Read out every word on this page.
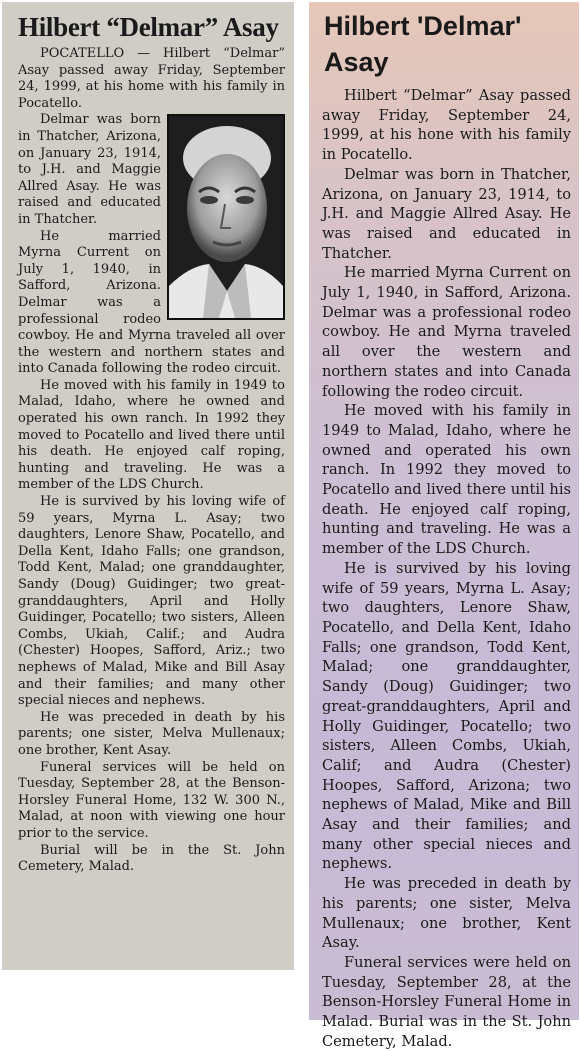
Hilbert “Delmar” Asay

POCATELLO — Hilbert “Delmar” Asay passed away Friday, September 24, 1999, at his home with his family in Pocatello.

Delmar was born in Thatcher, Arizona, on January 23, 1914, to J.H. and Maggie Allred Asay. He was raised and educated in Thatcher.

He married Myrna Current on July 1, 1940, in Safford, Arizona. Delmar was a professional rodeo cowboy. He and Myrna traveled all over the western and northern states and into Canada following the rodeo circuit.

He moved with his family in 1949 to Malad, Idaho, where he owned and operated his own ranch. In 1992 they moved to Pocatello and lived there until his death. He enjoyed calf roping, hunting and traveling. He was a member of the LDS Church.

He is survived by his loving wife of 59 years, Myrna L. Asay; two daughters, Lenore Shaw, Pocatello, and Della Kent, Idaho Falls; one grandson, Todd Kent, Malad; one granddaughter, Sandy (Doug) Guidinger; two great-granddaughters, April and Holly Guidinger, Pocatello; two sisters, Alleen Combs, Ukiah, Calif.; and Audra (Chester) Hoopes, Safford, Ariz.; two nephews of Malad, Mike and Bill Asay and their families; and many other special nieces and nephews.

He was preceded in death by his parents; one sister, Melva Mullenaux; one brother, Kent Asay.

Funeral services will be held on Tuesday, September 28, at the Benson-Horsley Funeral Home, 132 W. 300 N., Malad, at noon with viewing one hour prior to the service.

Burial will be in the St. John Cemetery, Malad.

Hilbert 'Delmar' Asay

Hilbert “Delmar” Asay passed away Friday, September 24, 1999, at his hone with his family in Pocatello.

Delmar was born in Thatcher, Arizona, on January 23, 1914, to J.H. and Maggie Allred Asay. He was raised and educated in Thatcher.

He married Myrna Current on July 1, 1940, in Safford, Arizona. Delmar was a professional rodeo cowboy. He and Myrna traveled all over the western and northern states and into Canada following the rodeo circuit.

He moved with his family in 1949 to Malad, Idaho, where he owned and operated his own ranch. In 1992 they moved to Pocatello and lived there until his death. He enjoyed calf roping, hunting and traveling. He was a member of the LDS Church.

He is survived by his loving wife of 59 years, Myrna L. Asay; two daughters, Lenore Shaw, Pocatello, and Della Kent, Idaho Falls; one grandson, Todd Kent, Malad; one granddaughter, Sandy (Doug) Guidinger; two great-granddaughters, April and Holly Guidinger, Pocatello; two sisters, Alleen Combs, Ukiah, Calif; and Audra (Chester) Hoopes, Safford, Arizona; two nephews of Malad, Mike and Bill Asay and their families; and many other special nieces and nephews.

He was preceded in death by his parents; one sister, Melva Mullenaux; one brother, Kent Asay.

Funeral services were held on Tuesday, September 28, at the Benson-Horsley Funeral Home in Malad. Burial was in the St. John Cemetery, Malad.
